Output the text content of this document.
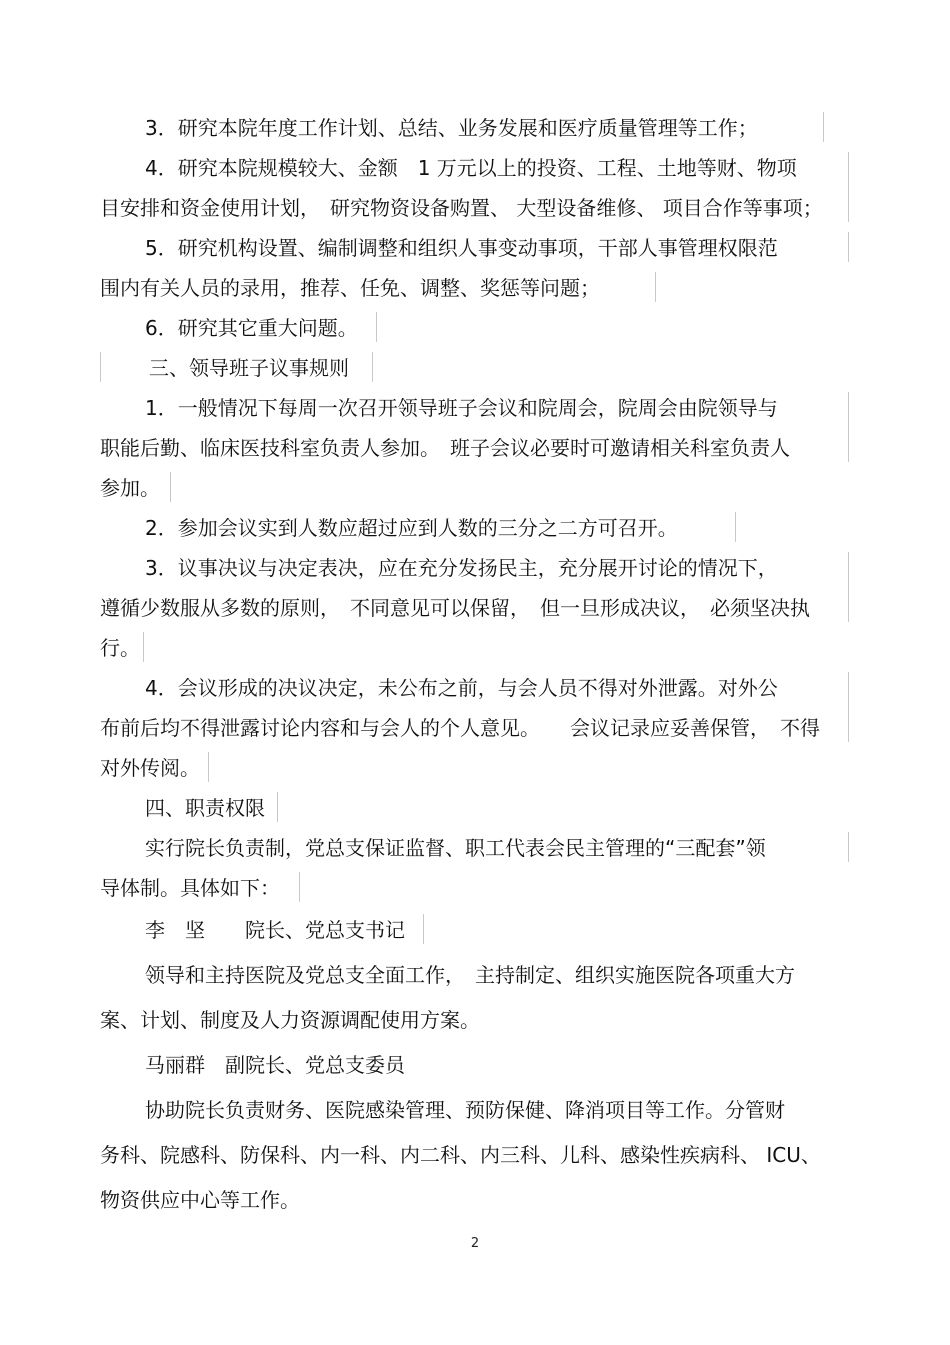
3．研究本院年度工作计划、总结、业务发展和医疗质量管理等工作；
4．研究本院规模较大、金额　1 万元以上的投资、工程、土地等财、物项
目安排和资金使用计划，　研究物资设备购置、 大型设备维修、 项目合作等事项；
5．研究机构设置、编制调整和组织人事变动事项，干部人事管理权限范
围内有关人员的录用，推荐、任免、调整、奖惩等问题；
6．研究其它重大问题。
三、领导班子议事规则
1．一般情况下每周一次召开领导班子会议和院周会，院周会由院领导与
职能后勤、临床医技科室负责人参加。　班子会议必要时可邀请相关科室负责人
参加。
2．参加会议实到人数应超过应到人数的三分之二方可召开。
3．议事决议与决定表决，应在充分发扬民主，充分展开讨论的情况下，
遵循少数服从多数的原则，　不同意见可以保留，　但一旦形成决议，　必须坚决执
行。
4．会议形成的决议决定，未公布之前，与会人员不得对外泄露。对外公
布前后均不得泄露讨论内容和与会人的个人意见。　　会议记录应妥善保管，　不得
对外传阅。
四、职责权限
实行院长负责制，党总支保证监督、职工代表会民主管理的“三配套”领
导体制。具体如下：
李　坚　　院长、党总支书记
领导和主持医院及党总支全面工作，　主持制定、组织实施医院各项重大方
案、计划、制度及人力资源调配使用方案。
马丽群　副院长、党总支委员
协助院长负责财务、医院感染管理、预防保健、降消项目等工作。分管财
务科、院感科、防保科、内一科、内二科、内三科、儿科、感染性疾病科、 ICU、
物资供应中心等工作。
2
